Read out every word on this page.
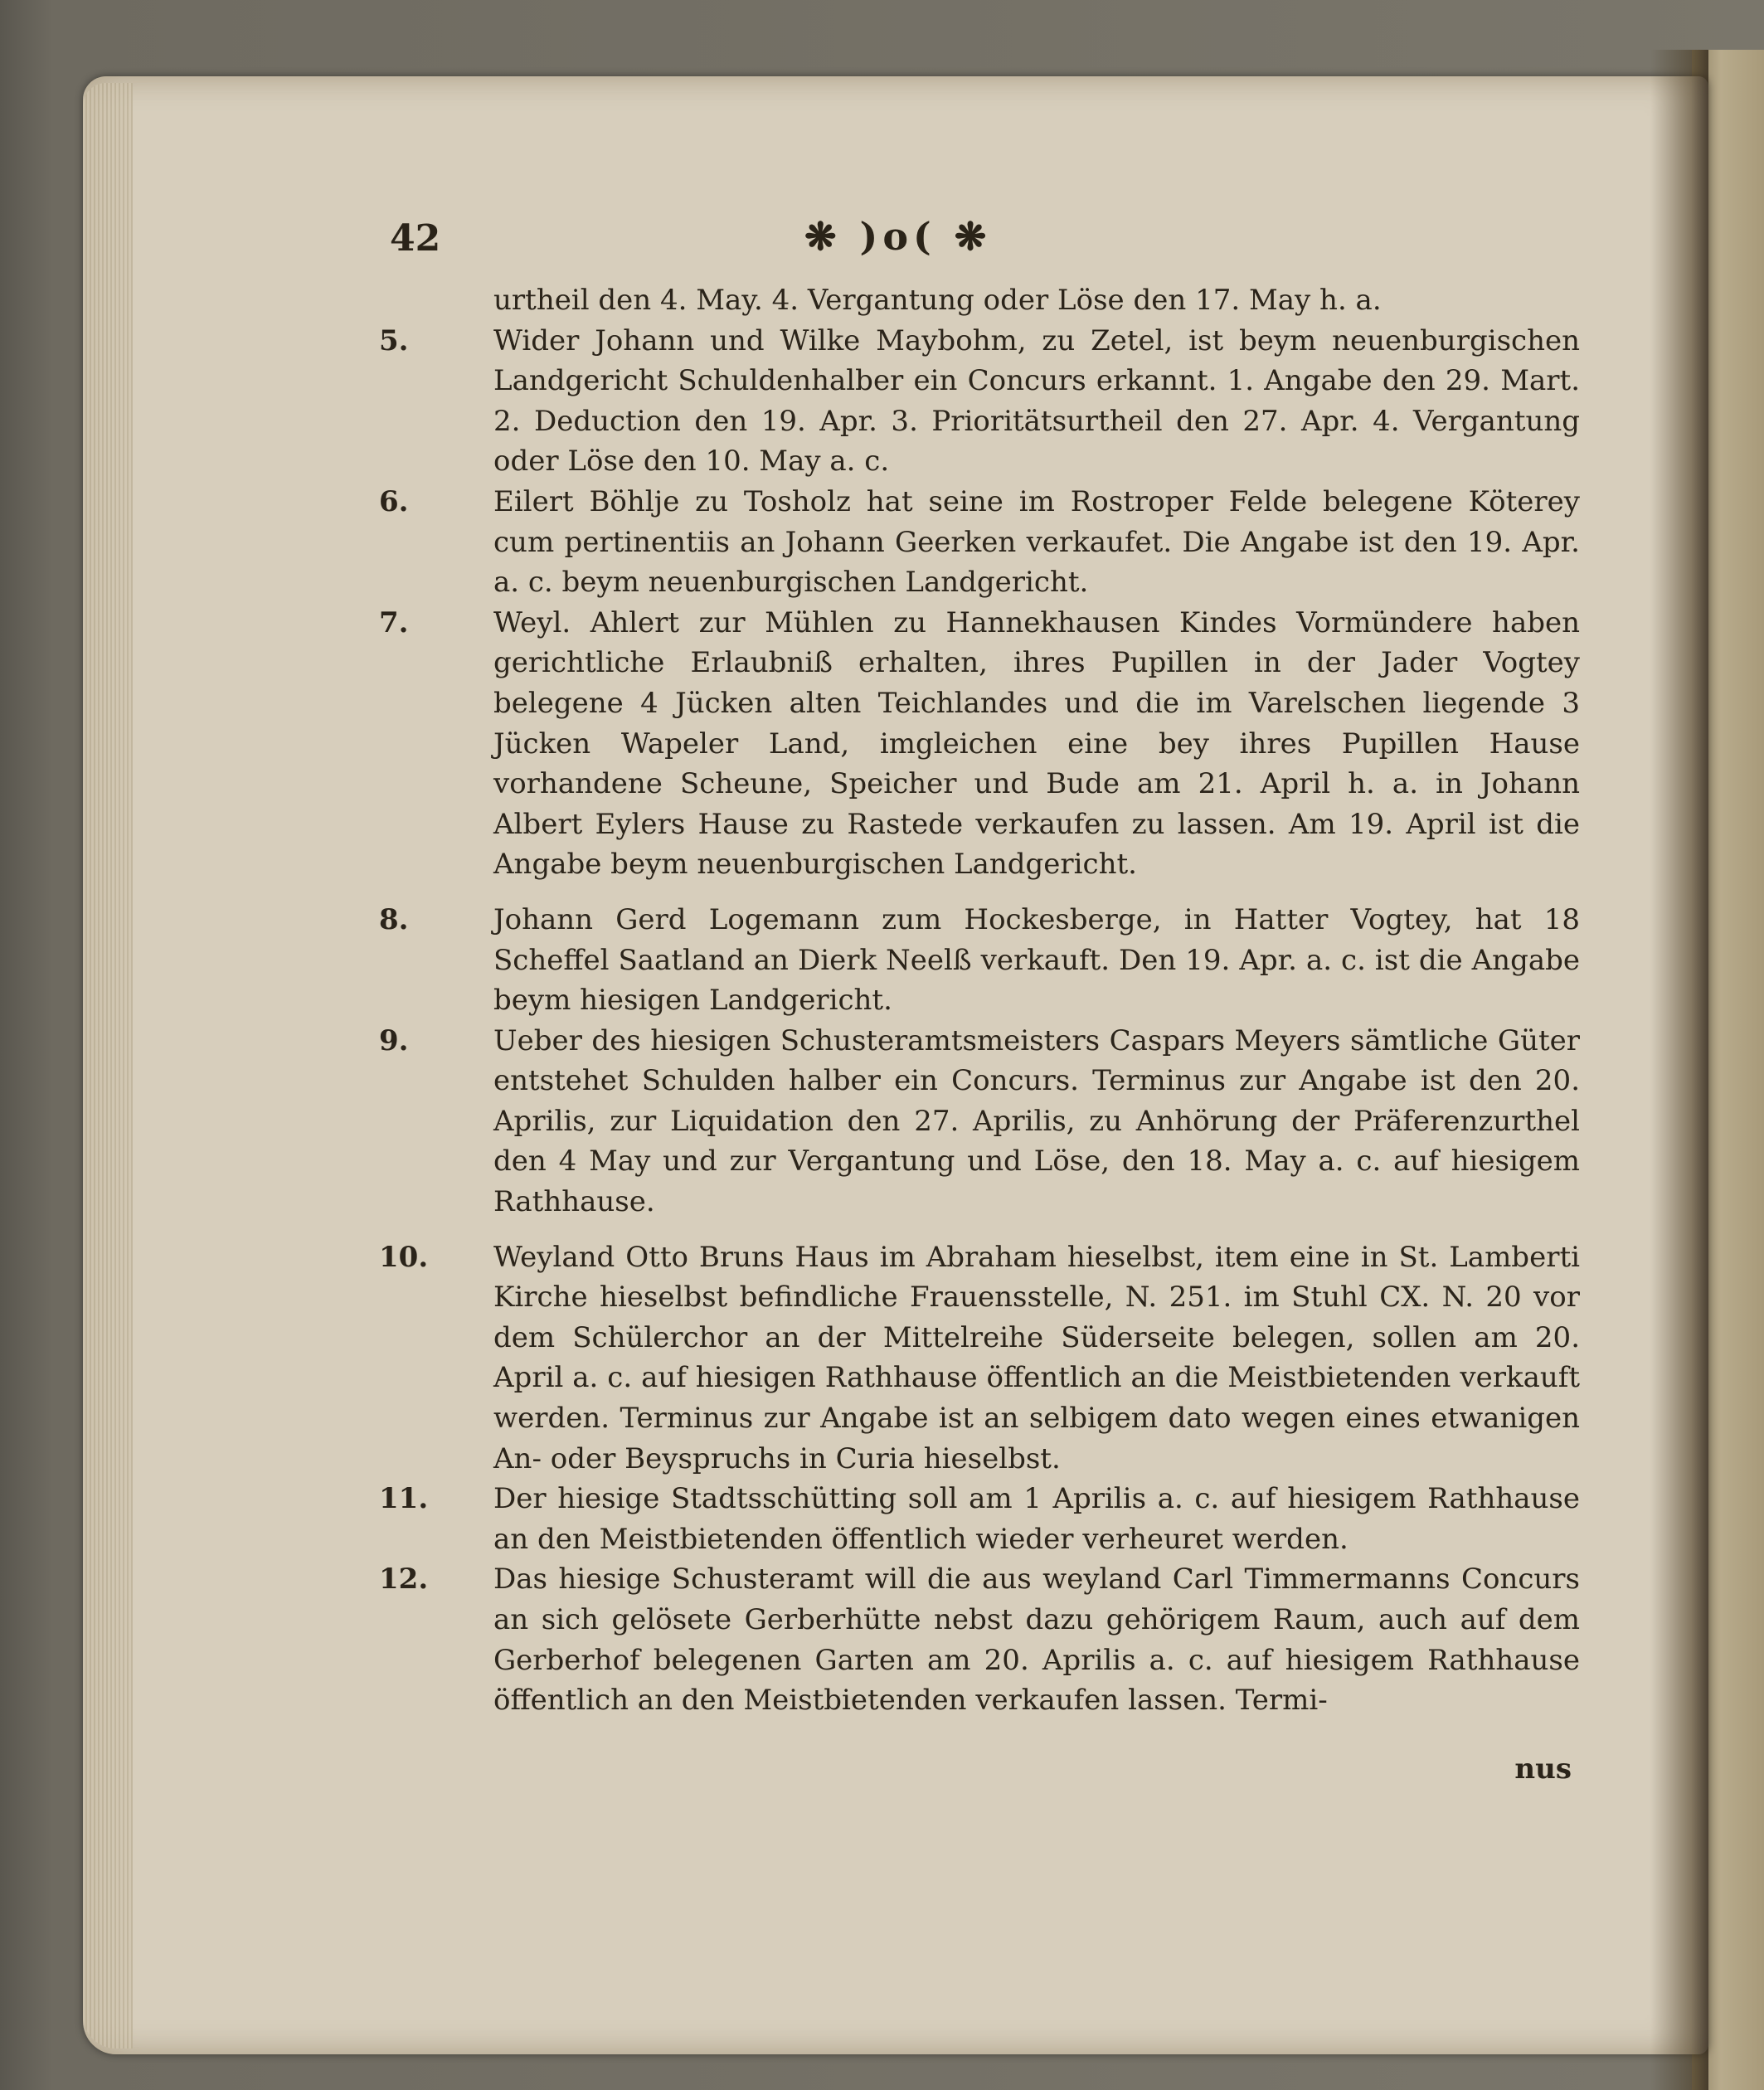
42	❋ )o( ❋

urtheil den 4. May. 4. Vergantung oder Löse den 17. May h. a.

5.	Wider Johann und Wilke Maybohm, zu Zetel, ist beym neuenburgischen Landgericht Schuldenhalber ein Concurs erkannt. 1. Angabe den 29. Mart. 2. Deduction den 19. Apr. 3. Prioritätsurtheil den 27. Apr. 4. Vergantung oder Löse den 10. May a. c.

6.	Eilert Böhlje zu Tosholz hat seine im Rostroper Felde belegene Köterey cum pertinentiis an Johann Geerken verkaufet. Die Angabe ist den 19. Apr. a. c. beym neuenburgischen Landgericht.

7.	Weyl. Ahlert zur Mühlen zu Hannekhausen Kindes Vormündere haben gerichtliche Erlaubniß erhalten, ihres Pupillen in der Jader Vogtey belegene 4 Jücken alten Teichlandes und die im Varelschen liegende 3 Jücken Wapeler Land, imgleichen eine bey ihres Pupillen Hause vorhandene Scheune, Speicher und Bude am 21. April h. a. in Johann Albert Eylers Hause zu Rastede verkaufen zu lassen. Am 19. April ist die Angabe beym neuenburgischen Landgericht.

8.	Johann Gerd Logemann zum Hockesberge, in Hatter Vogtey, hat 18 Scheffel Saatland an Dierk Neelß verkauft. Den 19. Apr. a. c. ist die Angabe beym hiesigen Landgericht.

9.	Ueber des hiesigen Schusteramtsmeisters Caspars Meyers sämtliche Güter entstehet Schulden halber ein Concurs. Terminus zur Angabe ist den 20. Aprilis, zur Liquidation den 27. Aprilis, zu Anhörung der Präferenzurthel den 4 May und zur Vergantung und Löse, den 18. May a. c. auf hiesigem Rathhause.

10.	Weyland Otto Bruns Haus im Abraham hieselbst, item eine in St. Lamberti Kirche hieselbst befindliche Frauensstelle, N. 251. im Stuhl CX. N. 20 vor dem Schülerchor an der Mittelreihe Süderseite belegen, sollen am 20. April a. c. auf hiesigen Rathhause öffentlich an die Meistbietenden verkauft werden. Terminus zur Angabe ist an selbigem dato wegen eines etwanigen An- oder Beyspruchs in Curia hieselbst.

11.	Der hiesige Stadtsschütting soll am 1 Aprilis a. c. auf hiesigem Rathhause an den Meistbietenden öffentlich wieder verheuret werden.

12.	Das hiesige Schusteramt will die aus weyland Carl Timmermanns Concurs an sich gelösete Gerberhütte nebst dazu gehörigem Raum, auch auf dem Gerberhof belegenen Garten am 20. Aprilis a. c. auf hiesigem Rathhause öffentlich an den Meistbietenden verkaufen lassen. Termi-

nus
